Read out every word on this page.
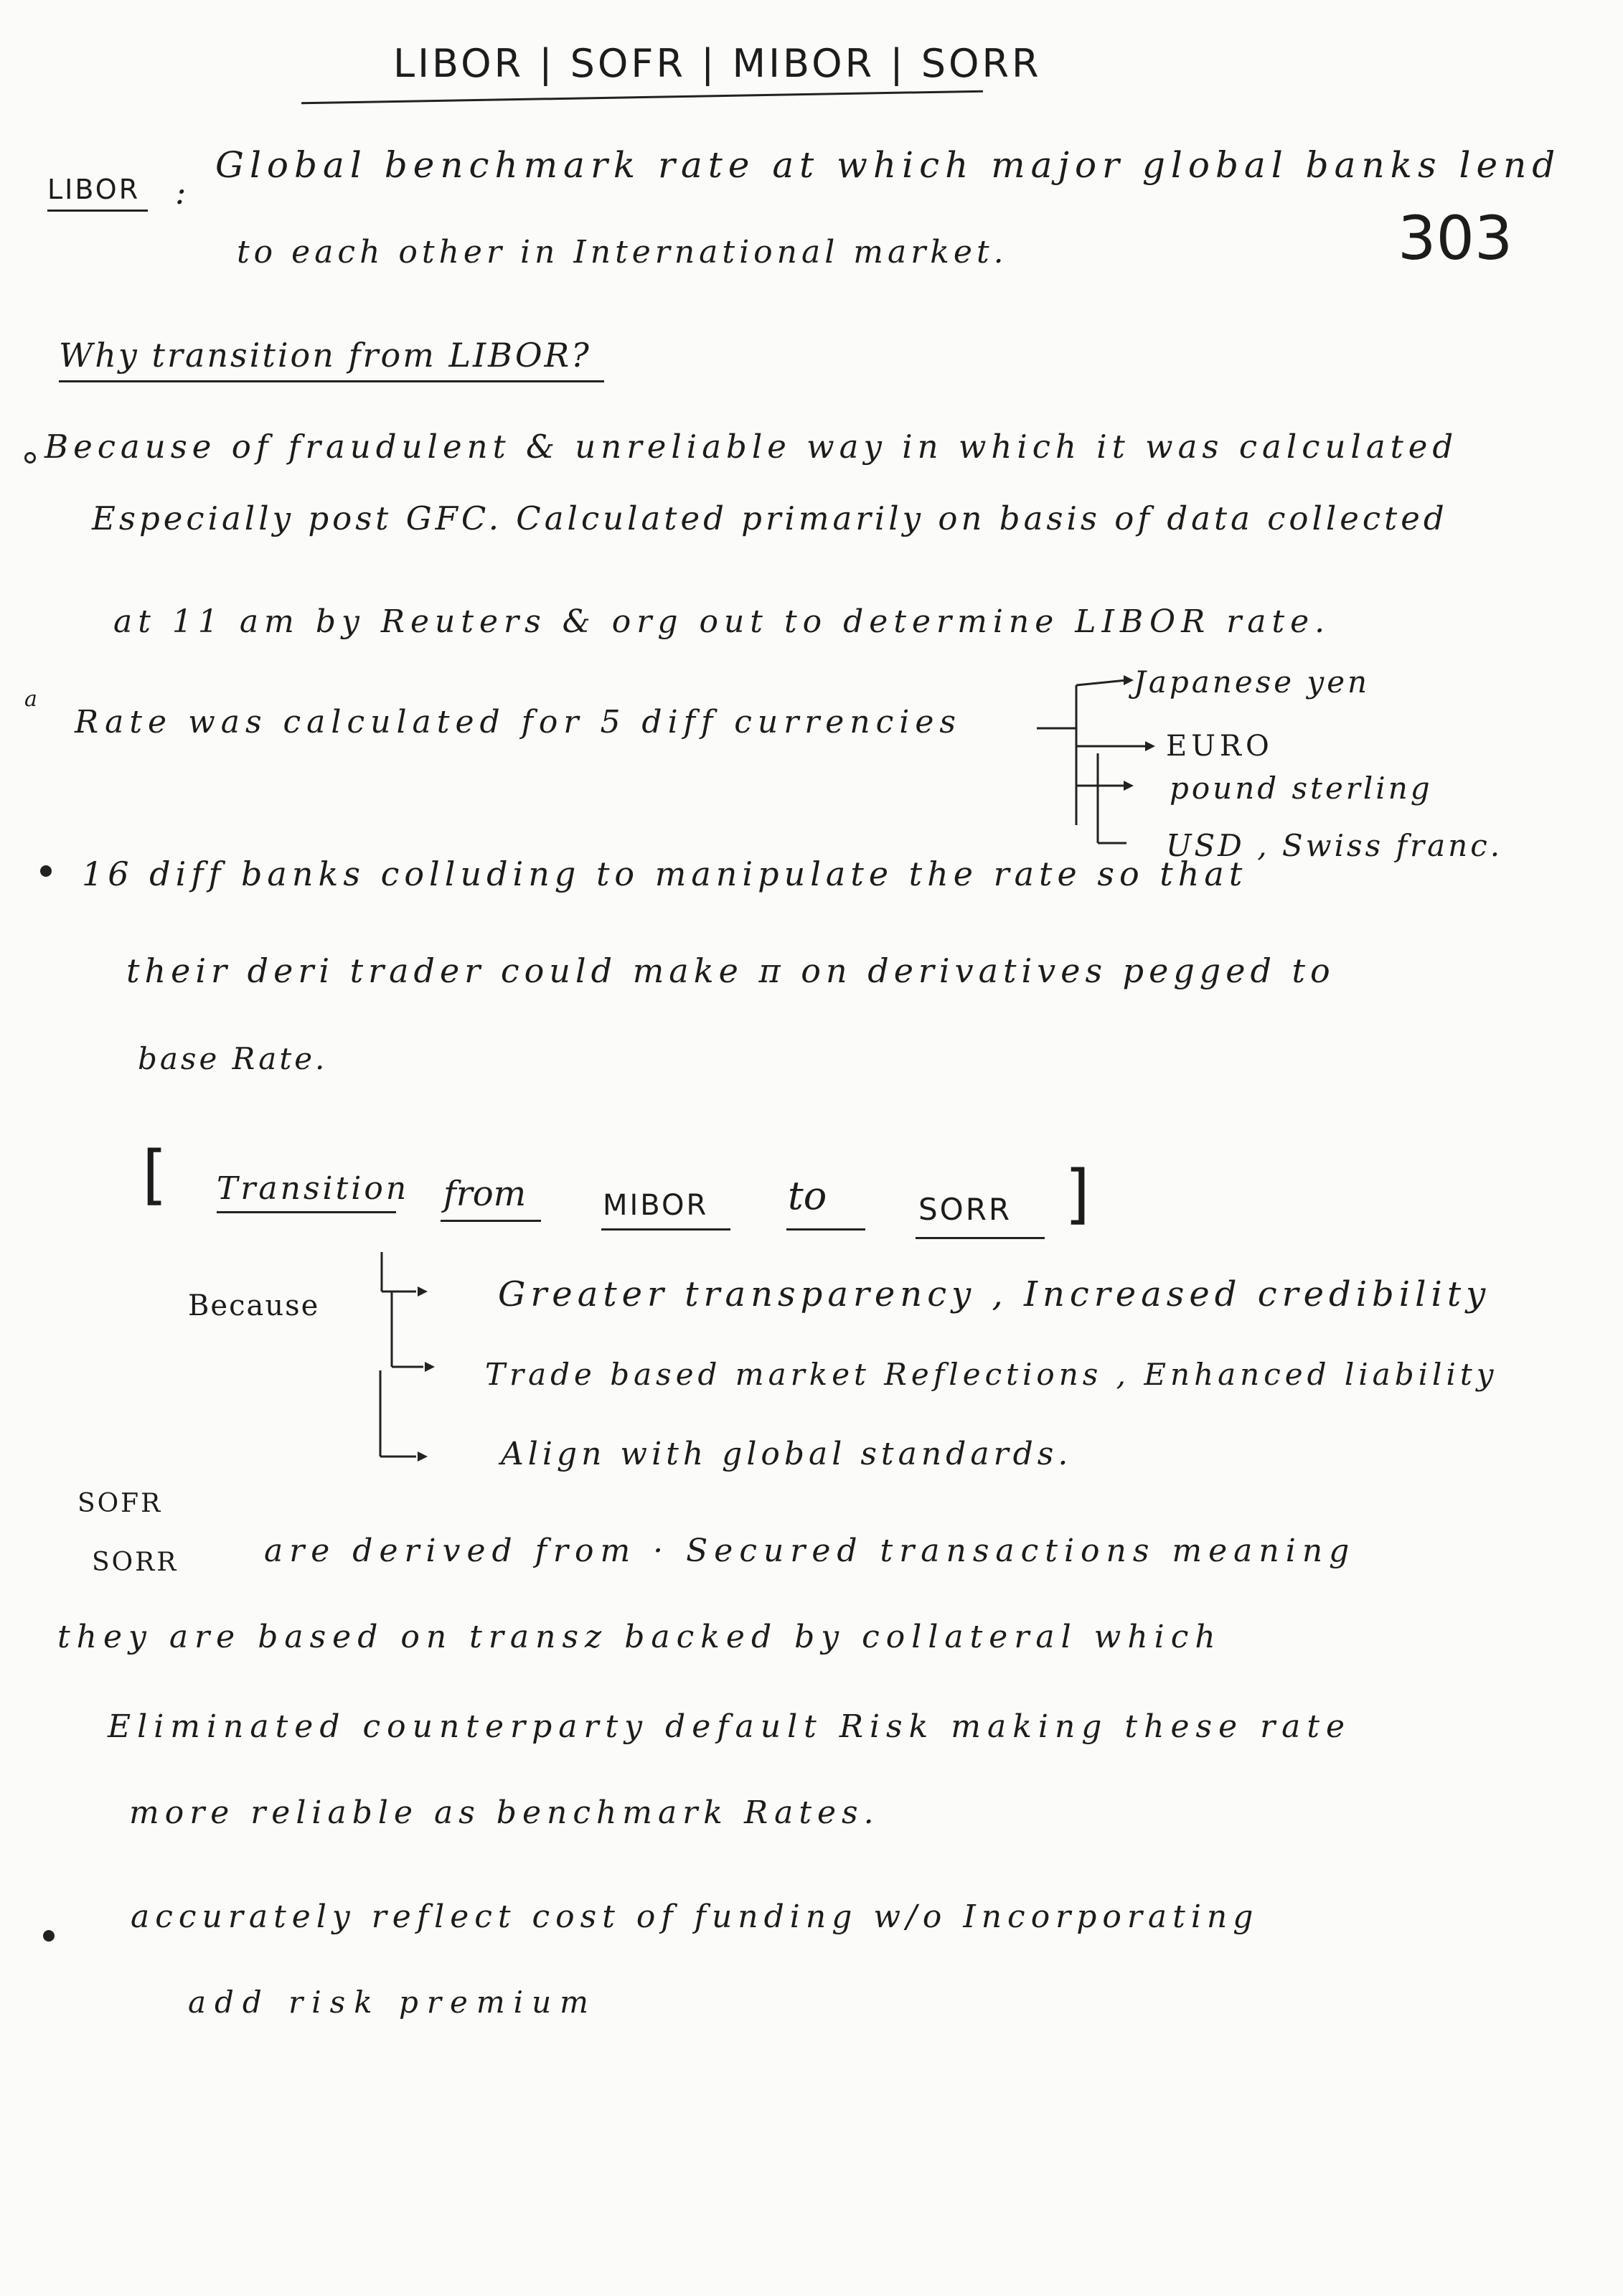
LIBOR | SOFR | MIBOR | SORR
LIBOR :
Global benchmark rate at which major global banks lend
to each other in International market.	303
Why transition from LIBOR?
Because of fraudulent & unreliable way in which it was calculated
Especially post GFC. Calculated primarily on basis of data collected
at 11 am by Reuters & org out to determine LIBOR rate.
a
Rate was calculated for 5 diff currencies
Japanese yen
EURO
pound sterling
USD , Swiss franc.
16 diff banks colluding to manipulate the rate so that
their deri trader could make π on derivatives pegged to
base Rate.
[ Transition from	MIBOR to	SORR ]
Because	Greater transparency , Increased credibility
Trade based market Reflections , Enhanced liability
Align with global standards.
SOFR
SORR	are derived from · Secured transactions meaning
they are based on transz backed by collateral which
Eliminated counterparty default Risk making these rate
more reliable as benchmark Rates.
accurately reflect cost of funding w/o Incorporating
add risk premium
